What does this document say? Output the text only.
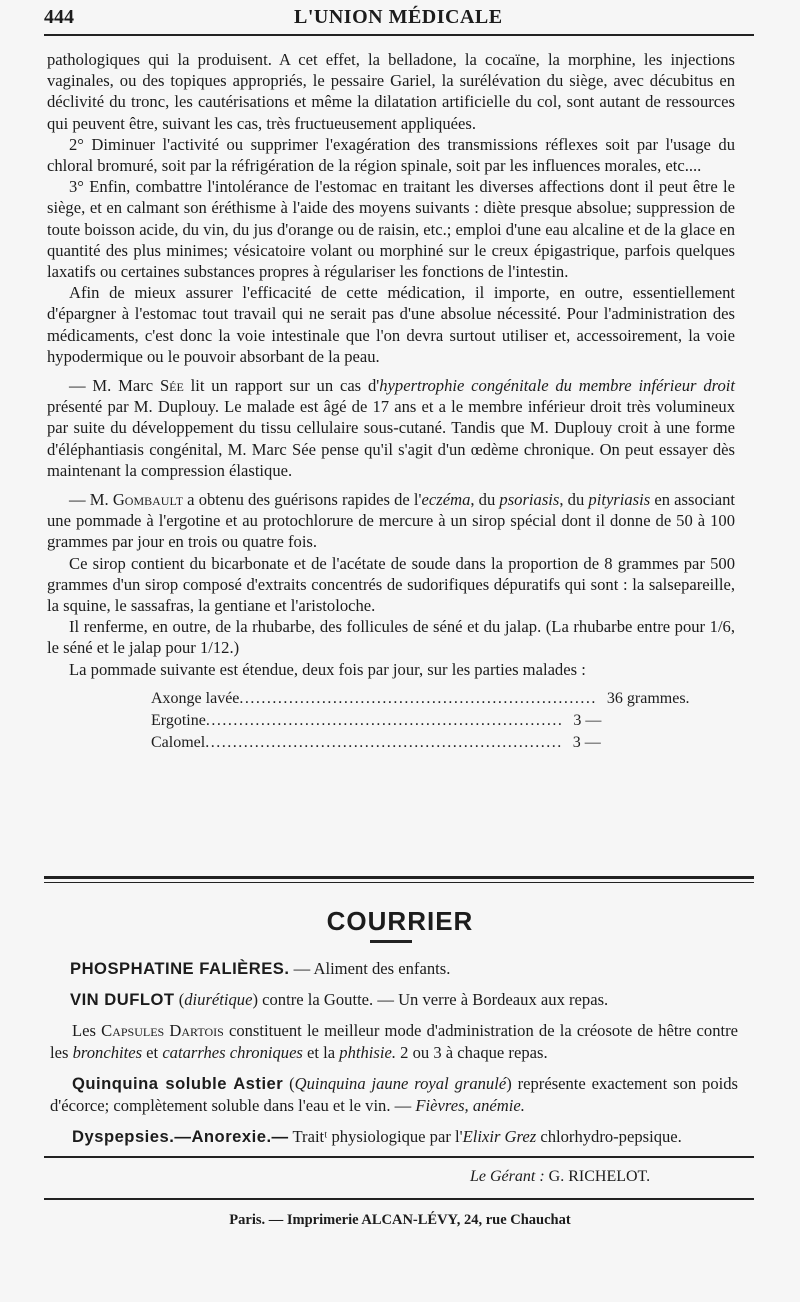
444	L'UNION MÉDICALE

pathologiques qui la produisent. A cet effet, la belladone, la cocaïne, la morphine, les injections vaginales, ou des topiques appropriés, le pessaire Gariel, la surélévation du siège, avec décubitus en déclivité du tronc, les cautérisations et même la dilatation artificielle du col, sont autant de ressources qui peuvent être, suivant les cas, très fructueusement appliquées.

2° Diminuer l'activité ou supprimer l'exagération des transmissions réflexes soit par l'usage du chloral bromuré, soit par la réfrigération de la région spinale, soit par les influences morales, etc....

3° Enfin, combattre l'intolérance de l'estomac en traitant les diverses affections dont il peut être le siège, et en calmant son éréthisme à l'aide des moyens suivants : diète presque absolue; suppression de toute boisson acide, du vin, du jus d'orange ou de raisin, etc.; emploi d'une eau alcaline et de la glace en quantité des plus minimes; vésicatoire volant ou morphiné sur le creux épigastrique, parfois quelques laxatifs ou certaines substances propres à régulariser les fonctions de l'intestin.

Afin de mieux assurer l'efficacité de cette médication, il importe, en outre, essentiellement d'épargner à l'estomac tout travail qui ne serait pas d'une absolue nécessité. Pour l'administration des médicaments, c'est donc la voie intestinale que l'on devra surtout utiliser et, accessoirement, la voie hypodermique ou le pouvoir absorbant de la peau.

— M. Marc Sée lit un rapport sur un cas d'hypertrophie congénitale du membre inférieur droit présenté par M. Duplouy. Le malade est âgé de 17 ans et a le membre inférieur droit très volumineux par suite du développement du tissu cellulaire sous-cutané. Tandis que M. Duplouy croit à une forme d'éléphantiasis congénital, M. Marc Sée pense qu'il s'agit d'un œdème chronique. On peut essayer dès maintenant la compression élastique.

— M. Gombault a obtenu des guérisons rapides de l'eczéma, du psoriasis, du pityriasis en associant une pommade à l'ergotine et au protochlorure de mercure à un sirop spécial dont il donne de 50 à 100 grammes par jour en trois ou quatre fois.

Ce sirop contient du bicarbonate et de l'acétate de soude dans la proportion de 8 grammes par 500 grammes d'un sirop composé d'extraits concentrés de sudorifiques dépuratifs qui sont : la salsepareille, la squine, le sassafras, la gentiane et l'aristoloche.

Il renferme, en outre, de la rhubarbe, des follicules de séné et du jalap. (La rhubarbe entre pour 1/6, le séné et le jalap pour 1/12.)

La pommade suivante est étendue, deux fois par jour, sur les parties malades :

Axonge lavée ................................................................. 36 grammes.
Ergotine ................................................................. 3 —
Calomel ................................................................. 3 —
COURRIER

PHOSPHATINE FALIÈRES. — Aliment des enfants.

VIN DUFLOT (diurétique) contre la Goutte. — Un verre à Bordeaux aux repas.

Les Capsules Dartois constituent le meilleur mode d'administration de la créosote de hêtre contre les bronchites et catarrhes chroniques et la phthisie. 2 ou 3 à chaque repas.

Quinquina soluble Astier (Quinquina jaune royal granulé) représente exactement son poids d'écorce; complètement soluble dans l'eau et le vin. — Fièvres, anémie.

Dyspepsies.—Anorexie.— Traitᵗ physiologique par l'Elixir Grez chlorhydro-pepsique.

Le Gérant : G. RICHELOT.
Paris. — Imprimerie ALCAN-LÉVY, 24, rue Chauchat
